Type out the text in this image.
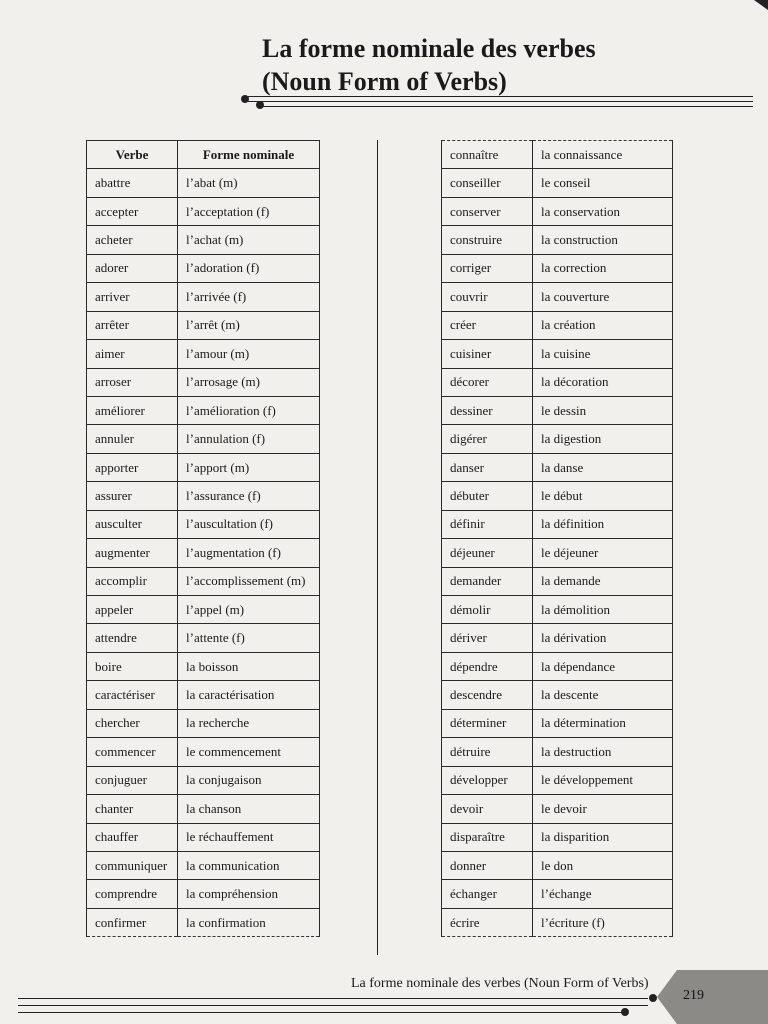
La forme nominale des verbes
(Noun Form of Verbs)
Verbe	Forme nominale
abattre	l’abat (m)
accepter	l’acceptation (f)
acheter	l’achat (m)
adorer	l’adoration (f)
arriver	l’arrivée (f)
arrêter	l’arrêt (m)
aimer	l’amour (m)
arroser	l’arrosage (m)
améliorer	l’amélioration (f)
annuler	l’annulation (f)
apporter	l’apport (m)
assurer	l’assurance (f)
ausculter	l’auscultation (f)
augmenter	l’augmentation (f)
accomplir	l’accomplissement (m)
appeler	l’appel (m)
attendre	l’attente (f)
boire	la boisson
caractériser	la caractérisation
chercher	la recherche
commencer	le commencement
conjuguer	la conjugaison
chanter	la chanson
chauffer	le réchauffement
communiquer	la communication
comprendre	la compréhension
confirmer	la confirmation
connaître	la connaissance
conseiller	le conseil
conserver	la conservation
construire	la construction
corriger	la correction
couvrir	la couverture
créer	la création
cuisiner	la cuisine
décorer	la décoration
dessiner	le dessin
digérer	la digestion
danser	la danse
débuter	le début
définir	la définition
déjeuner	le déjeuner
demander	la demande
démolir	la démolition
dériver	la dérivation
dépendre	la dépendance
descendre	la descente
déterminer	la détermination
détruire	la destruction
développer	le développement
devoir	le devoir
disparaître	la disparition
donner	le don
échanger	l’échange
écrire	l’écriture (f)
La forme nominale des verbes (Noun Form of Verbs)
219
